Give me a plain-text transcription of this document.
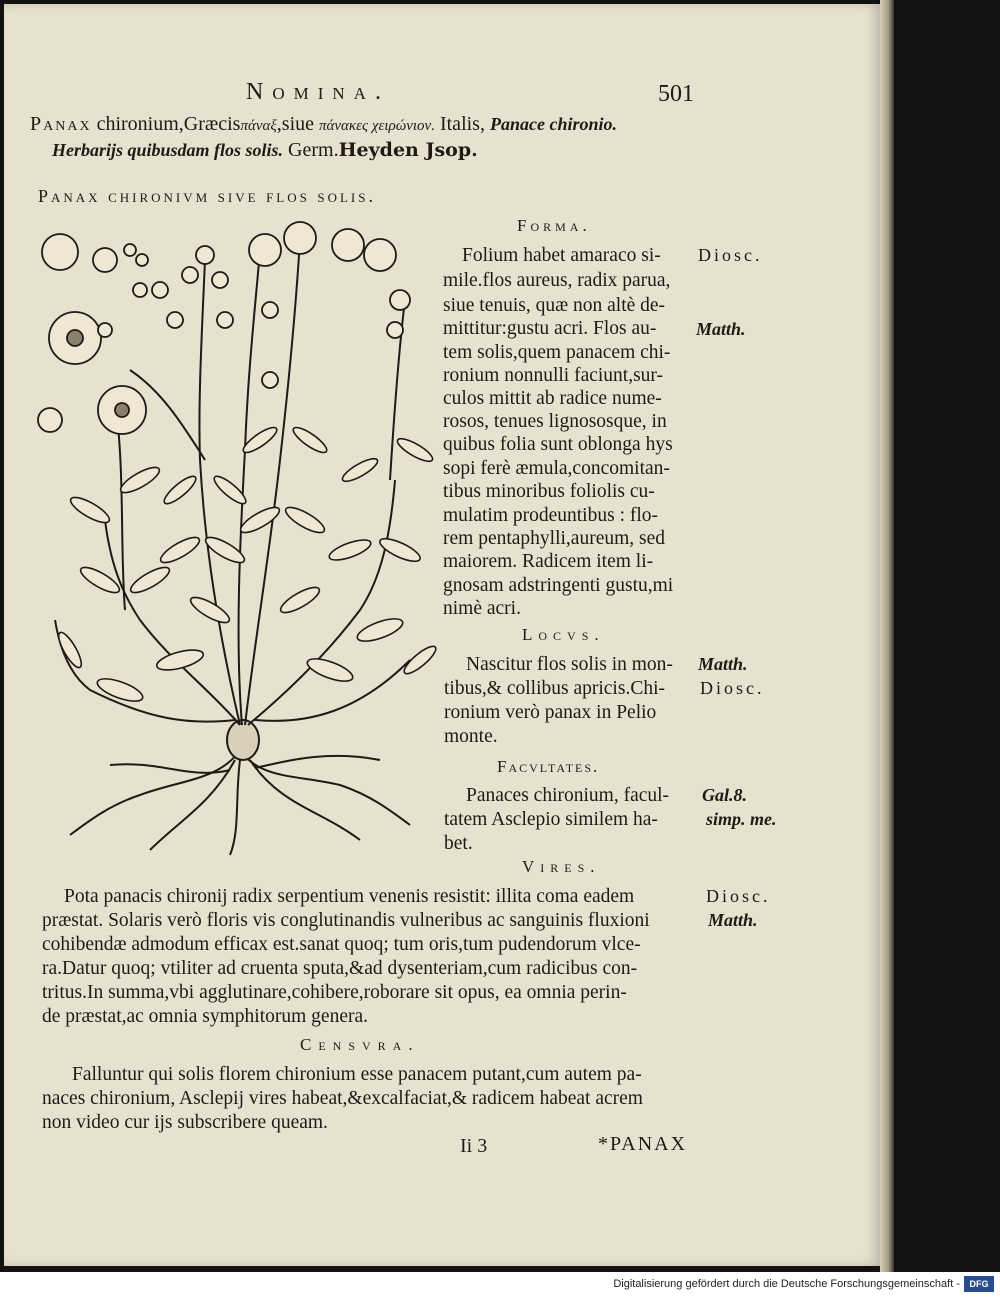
Nomina.	501
Panax chironium,Græcisπάναξ,siue πάνακες χειρώνιον. Italis, Panace chironio.
Herbarijs quibusdam flos solis. Germ.Heyden Jsop.
Panax chironivm sive flos solis.
Forma.
Folium habet amaraco si-
mile.flos aureus, radix parua,
siue tenuis, quæ non altè de-
mittitur:gustu acri. Flos au-
tem solis,quem panacem chi-
ronium nonnulli faciunt,sur-
culos mittit ab radice nume-
rosos, tenues lignososque, in
quibus folia sunt oblonga hys
sopi ferè æmula,concomitan-
tibus minoribus foliolis cu-
mulatim prodeuntibus : flo-
rem pentaphylli,aureum, sed
maiorem. Radicem item li-
gnosam adstringenti gustu,mi
nimè acri.
Diosc.
Matth.
Locvs.
Nascitur flos solis in mon-
tibus,& collibus apricis.Chi-
ronium verò panax in Pelio
monte.
Matth.
Diosc.
Facvltates.
Panaces chironium, facul-
tatem Asclepio similem ha-
bet.
Gal.8.
simp. me.
Vires.
Pota panacis chironij radix serpentium venenis resistit: illita coma eadem
præstat. Solaris verò floris vis conglutinandis vulneribus ac sanguinis fluxioni
cohibendæ admodum efficax est.sanat quoq; tum oris,tum pudendorum vlce-
ra.Datur quoq; vtiliter ad cruenta sputa,&ad dysenteriam,cum radicibus con-
tritus.In summa,vbi agglutinare,cohibere,roborare sit opus, ea omnia perin-
de præstat,ac omnia symphitorum genera.
Diosc.
Matth.
Censvra.
Falluntur qui solis florem chironium esse panacem putant,cum autem pa-
naces chironium, Asclepij vires habeat,&excalfaciat,& radicem habeat acrem
non video cur ijs subscribere queam.
Ii 3	*PANAX
Digitalisierung gefördert durch die Deutsche Forschungsgemeinschaft -	DFG
